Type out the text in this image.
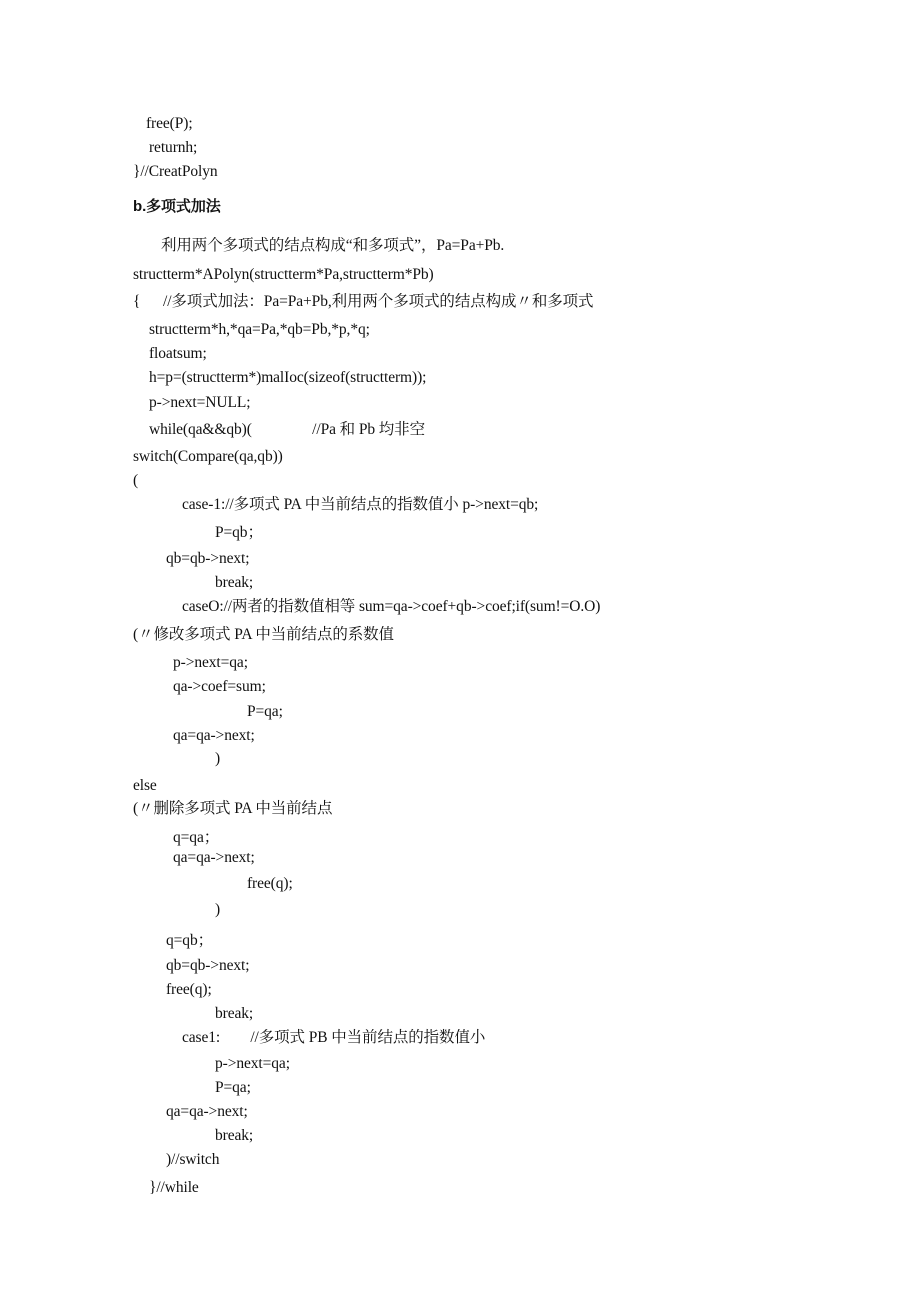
free(P);
returnh;
}//CreatPolyn
b.多项式加法
利用两个多项式的结点构成“和多项式”，Pa=Pa+Pb.
structterm*APolyn(structterm*Pa,structterm*Pb)
{      //多项式加法：Pa=Pa+Pb,利用两个多项式的结点构成〃和多项式
structterm*h,*qa=Pa,*qb=Pb,*p,*q;
floatsum;
h=p=(structterm*)malIoc(sizeof(structterm));
p->next=NULL;
while(qa&&qb)(                //Pa 和 Pb 均非空
switch(Compare(qa,qb))
(
case-1://多项式 PA 中当前结点的指数值小 p->next=qb;
P=qb；
qb=qb->next;
break;
caseO://两者的指数值相等 sum=qa->coef+qb->coef;if(sum!=O.O)
(〃修改多项式 PA 中当前结点的系数值
p->next=qa;
qa->coef=sum;
P=qa;
qa=qa->next;
)
else
(〃删除多项式 PA 中当前结点
q=qa；
qa=qa->next;
free(q);
)
q=qb；
qb=qb->next;
free(q);
break;
case1:        //多项式 PB 中当前结点的指数值小
p->next=qa;
P=qa;
qa=qa->next;
break;
)//switch
}//while
